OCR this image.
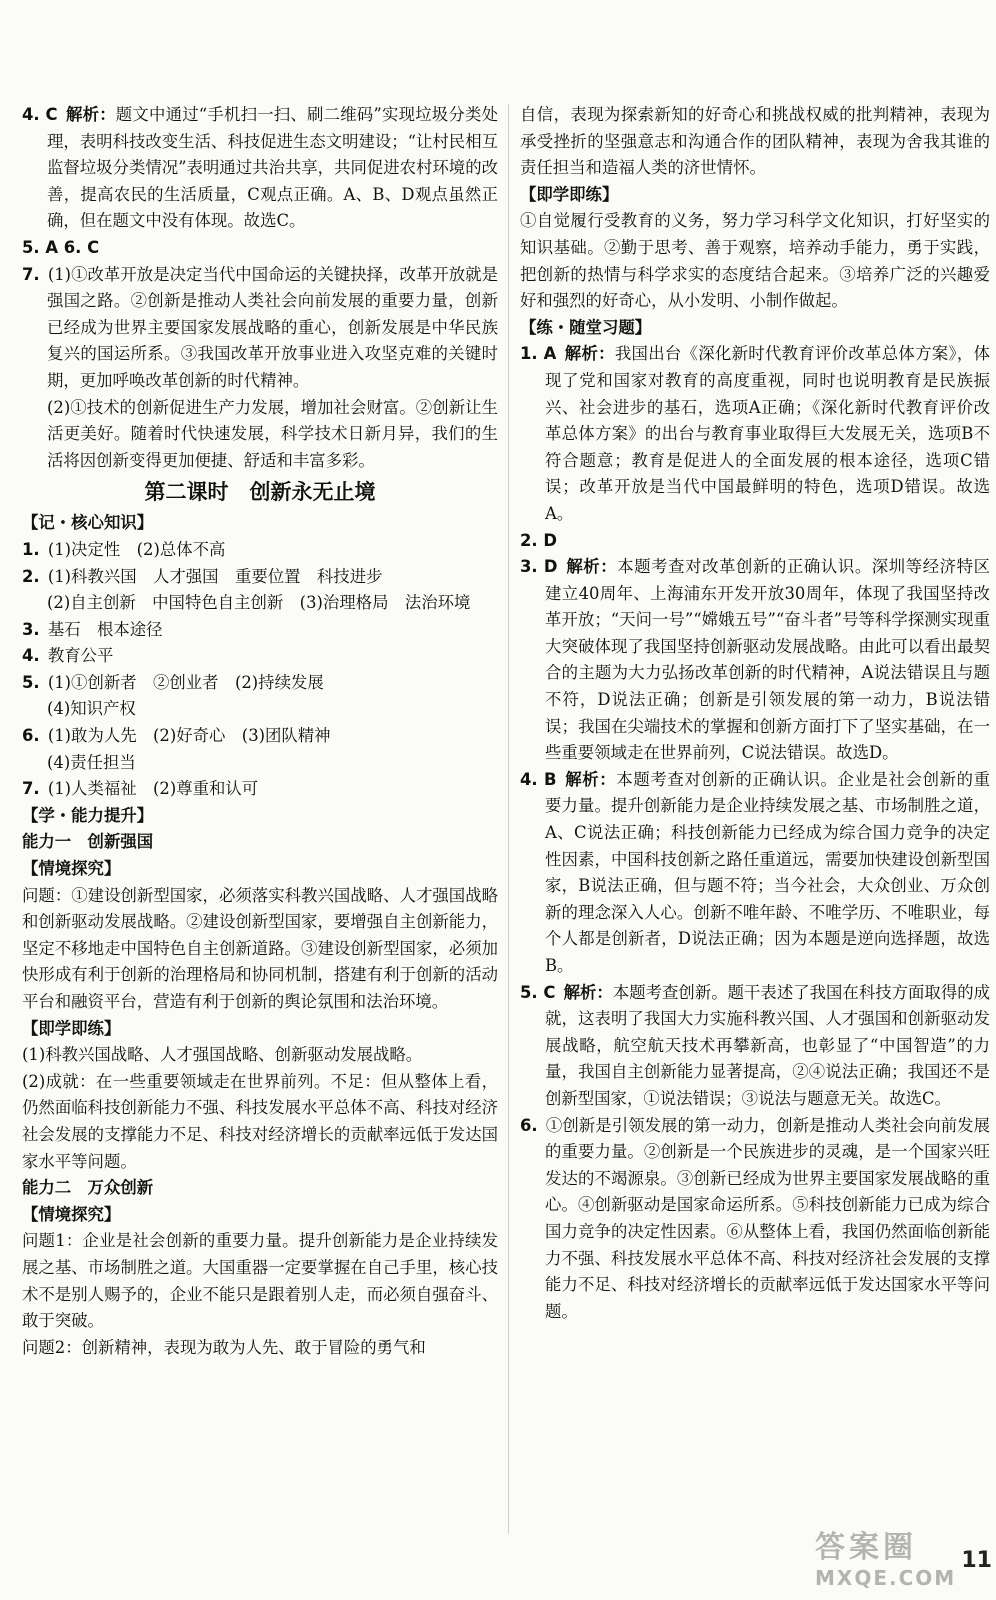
4. C  解析：题文中通过“手机扫一扫、刷二维码”实现垃圾分类处理，表明科技改变生活、科技促进生态文明建设；“让村民相互监督垃圾分类情况”表明通过共治共享，共同促进农村环境的改善，提高农民的生活质量，C观点正确。A、B、D观点虽然正确，但在题文中没有体现。故选C。

5. A 6. C 

7.  (1)①改革开放是决定当代中国命运的关键抉择，改革开放就是强国之路。②创新是推动人类社会向前发展的重要力量，创新已经成为世界主要国家发展战略的重心，创新发展是中华民族复兴的国运所系。③我国改革开放事业进入攻坚克难的关键时期，更加呼唤改革创新的时代精神。

(2)①技术的创新促进生产力发展，增加社会财富。②创新让生活更美好。随着时代快速发展，科学技术日新月异，我们的生活将因创新变得更加便捷、舒适和丰富多彩。

第二课时　创新永无止境
【记・核心知识】

1.  (1)决定性　(2)总体不高

2.  (1)科教兴国　人才强国　重要位置　科技进步

(2)自主创新　中国特色自主创新　(3)治理格局　法治环境

3.  基石　根本途径

4.  教育公平

5.  (1)①创新者　②创业者　(2)持续发展

(4)知识产权

6.  (1)敢为人先　(2)好奇心　(3)团队精神

(4)责任担当

7.  (1)人类福祉　(2)尊重和认可

【学・能力提升】
能力一　创新强国
【情境探究】

问题：①建设创新型国家，必须落实科教兴国战略、人才强国战略和创新驱动发展战略。②建设创新型国家，要增强自主创新能力，坚定不移地走中国特色自主创新道路。③建设创新型国家，必须加快形成有利于创新的治理格局和协同机制，搭建有利于创新的活动平台和融资平台，营造有利于创新的舆论氛围和法治环境。

【即学即练】

(1)科教兴国战略、人才强国战略、创新驱动发展战略。

(2)成就：在一些重要领域走在世界前列。不足：但从整体上看，仍然面临科技创新能力不强、科技发展水平总体不高、科技对经济社会发展的支撑能力不足、科技对经济增长的贡献率远低于发达国家水平等问题。

能力二　万众创新
【情境探究】

问题1：企业是社会创新的重要力量。提升创新能力是企业持续发展之基、市场制胜之道。大国重器一定要掌握在自己手里，核心技术不是别人赐予的，企业不能只是跟着别人走，而必须自强奋斗、敢于突破。

问题2：创新精神，表现为敢为人先、敢于冒险的勇气和

自信，表现为探索新知的好奇心和挑战权威的批判精神，表现为承受挫折的坚强意志和沟通合作的团队精神，表现为舍我其谁的责任担当和造福人类的济世情怀。

【即学即练】

①自觉履行受教育的义务，努力学习科学文化知识，打好坚实的知识基础。②勤于思考、善于观察，培养动手能力，勇于实践，把创新的热情与科学求实的态度结合起来。③培养广泛的兴趣爱好和强烈的好奇心，从小发明、小制作做起。

【练・随堂习题】

1. A  解析：我国出台《深化新时代教育评价改革总体方案》，体现了党和国家对教育的高度重视，同时也说明教育是民族振兴、社会进步的基石，选项A正确；《深化新时代教育评价改革总体方案》的出台与教育事业取得巨大发展无关，选项B不符合题意；教育是促进人的全面发展的根本途径，选项C错误；改革开放是当代中国最鲜明的特色，选项D错误。故选A。

2. D 

3. D  解析：本题考查对改革创新的正确认识。深圳等经济特区建立40周年、上海浦东开发开放30周年，体现了我国坚持改革开放；“天问一号”“嫦娥五号”“奋斗者”号等科学探测实现重大突破体现了我国坚持创新驱动发展战略。由此可以看出最契合的主题为大力弘扬改革创新的时代精神，A说法错误且与题不符，D说法正确；创新是引领发展的第一动力，B说法错误；我国在尖端技术的掌握和创新方面打下了坚实基础，在一些重要领域走在世界前列，C说法错误。故选D。

4. B  解析：本题考查对创新的正确认识。企业是社会创新的重要力量。提升创新能力是企业持续发展之基、市场制胜之道，A、C说法正确；科技创新能力已经成为综合国力竞争的决定性因素，中国科技创新之路任重道远，需要加快建设创新型国家，B说法正确，但与题不符；当今社会，大众创业、万众创新的理念深入人心。创新不唯年龄、不唯学历、不唯职业，每个人都是创新者，D说法正确；因为本题是逆向选择题，故选B。

5. C  解析：本题考查创新。题干表述了我国在科技方面取得的成就，这表明了我国大力实施科教兴国、人才强国和创新驱动发展战略，航空航天技术再攀新高，也彰显了“中国智造”的力量，我国自主创新能力显著提高，②④说法正确；我国还不是创新型国家，①说法错误；③说法与题意无关。故选C。

6.  ①创新是引领发展的第一动力，创新是推动人类社会向前发展的重要力量。②创新是一个民族进步的灵魂，是一个国家兴旺发达的不竭源泉。③创新已经成为世界主要国家发展战略的重心。④创新驱动是国家命运所系。⑤科技创新能力已成为综合国力竞争的决定性因素。⑥从整体上看，我国仍然面临创新能力不强、科技发展水平总体不高、科技对经济社会发展的支撑能力不足、科技对经济增长的贡献率远低于发达国家水平等问题。

11
答案圈
MXQE.COM
